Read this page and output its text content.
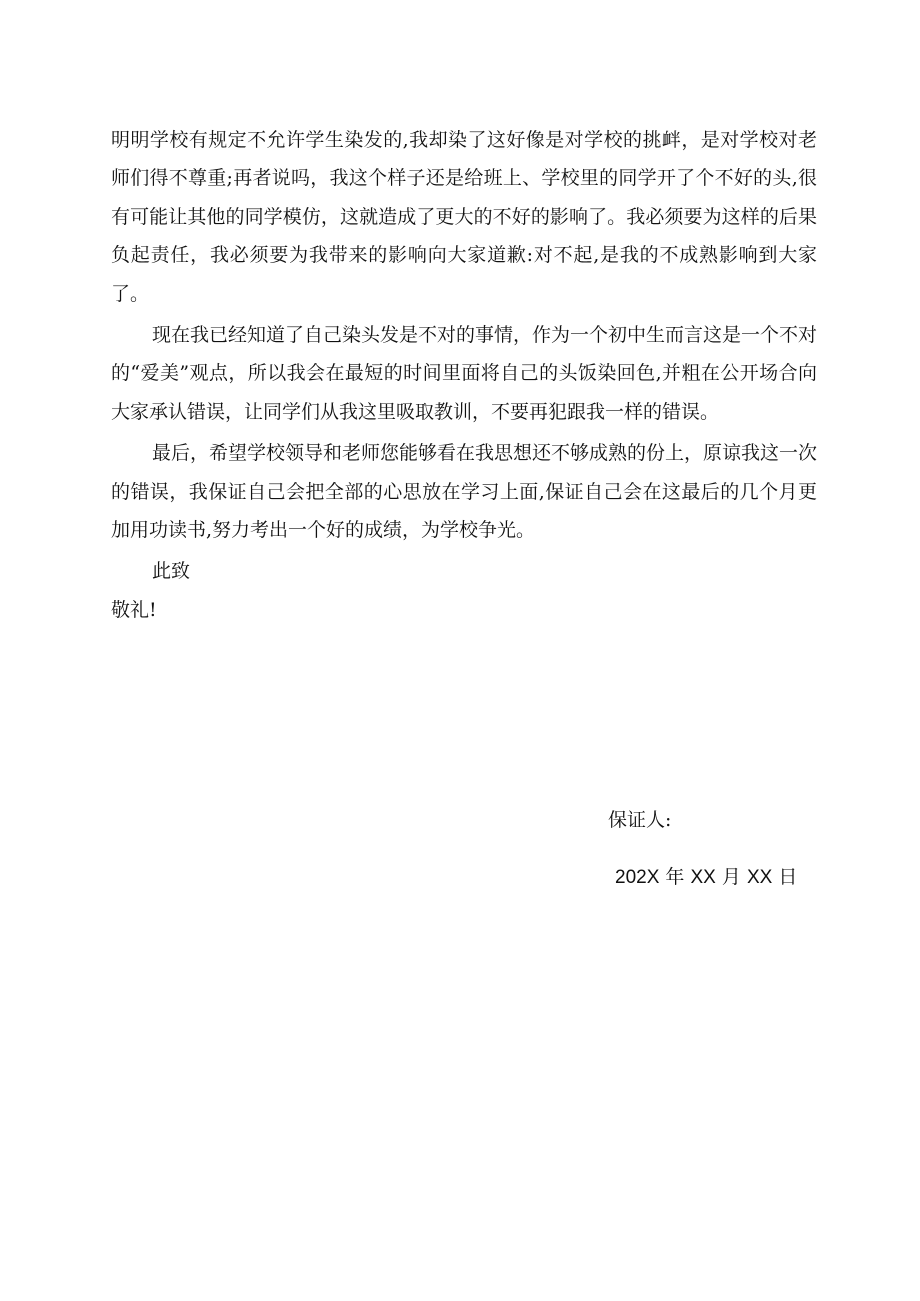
明明学校有规定不允许学生染发的,我却染了这好像是对学校的挑衅，是对学校对老师们得不尊重;再者说吗，我这个样子还是给班上、学校里的同学开了个不好的头,很有可能让其他的同学模仿，这就造成了更大的不好的影响了。我必须要为这样的后果负起责任，我必须要为我带来的影响向大家道歉:对不起,是我的不成熟影响到大家了。

现在我已经知道了自己染头发是不对的事情，作为一个初中生而言这是一个不对的“爱美”观点，所以我会在最短的时间里面将自己的头饭染回色,并粗在公开场合向大家承认错误，让同学们从我这里吸取教训，不要再犯跟我一样的错误。

最后，希望学校领导和老师您能够看在我思想还不够成熟的份上，原谅我这一次的错误，我保证自己会把全部的心思放在学习上面,保证自己会在这最后的几个月更加用功读书,努力考出一个好的成绩，为学校争光。

此致

敬礼!

保证人:
202X 年 XX 月 XX 日
